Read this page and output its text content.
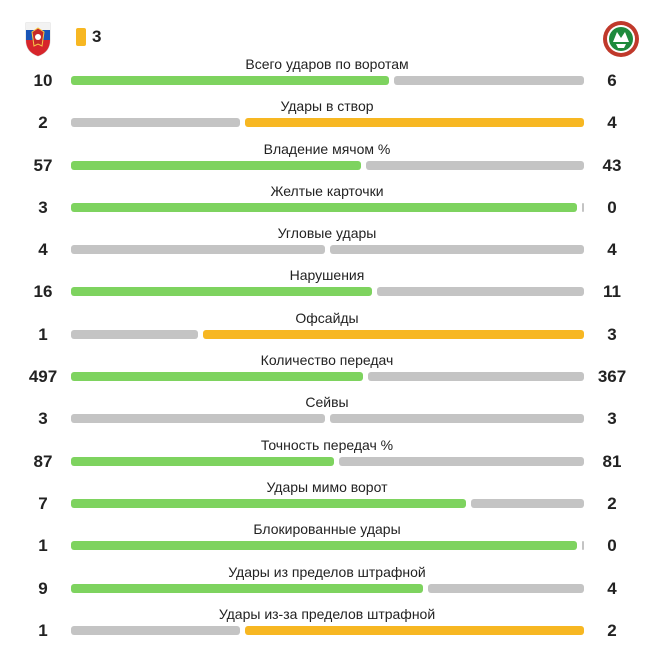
3
Всего ударов по воротам
10	6
Удары в створ
2	4
Владение мячом %
57	43
Желтые карточки
3	0
Угловые удары
4	4
Нарушения
16	11
Офсайды
1	3
Количество передач
497	367
Сейвы
3	3
Точность передач %
87	81
Удары мимо ворот
7	2
Блокированные удары
1	0
Удары из пределов штрафной
9	4
Удары из-за пределов штрафной
1	2
